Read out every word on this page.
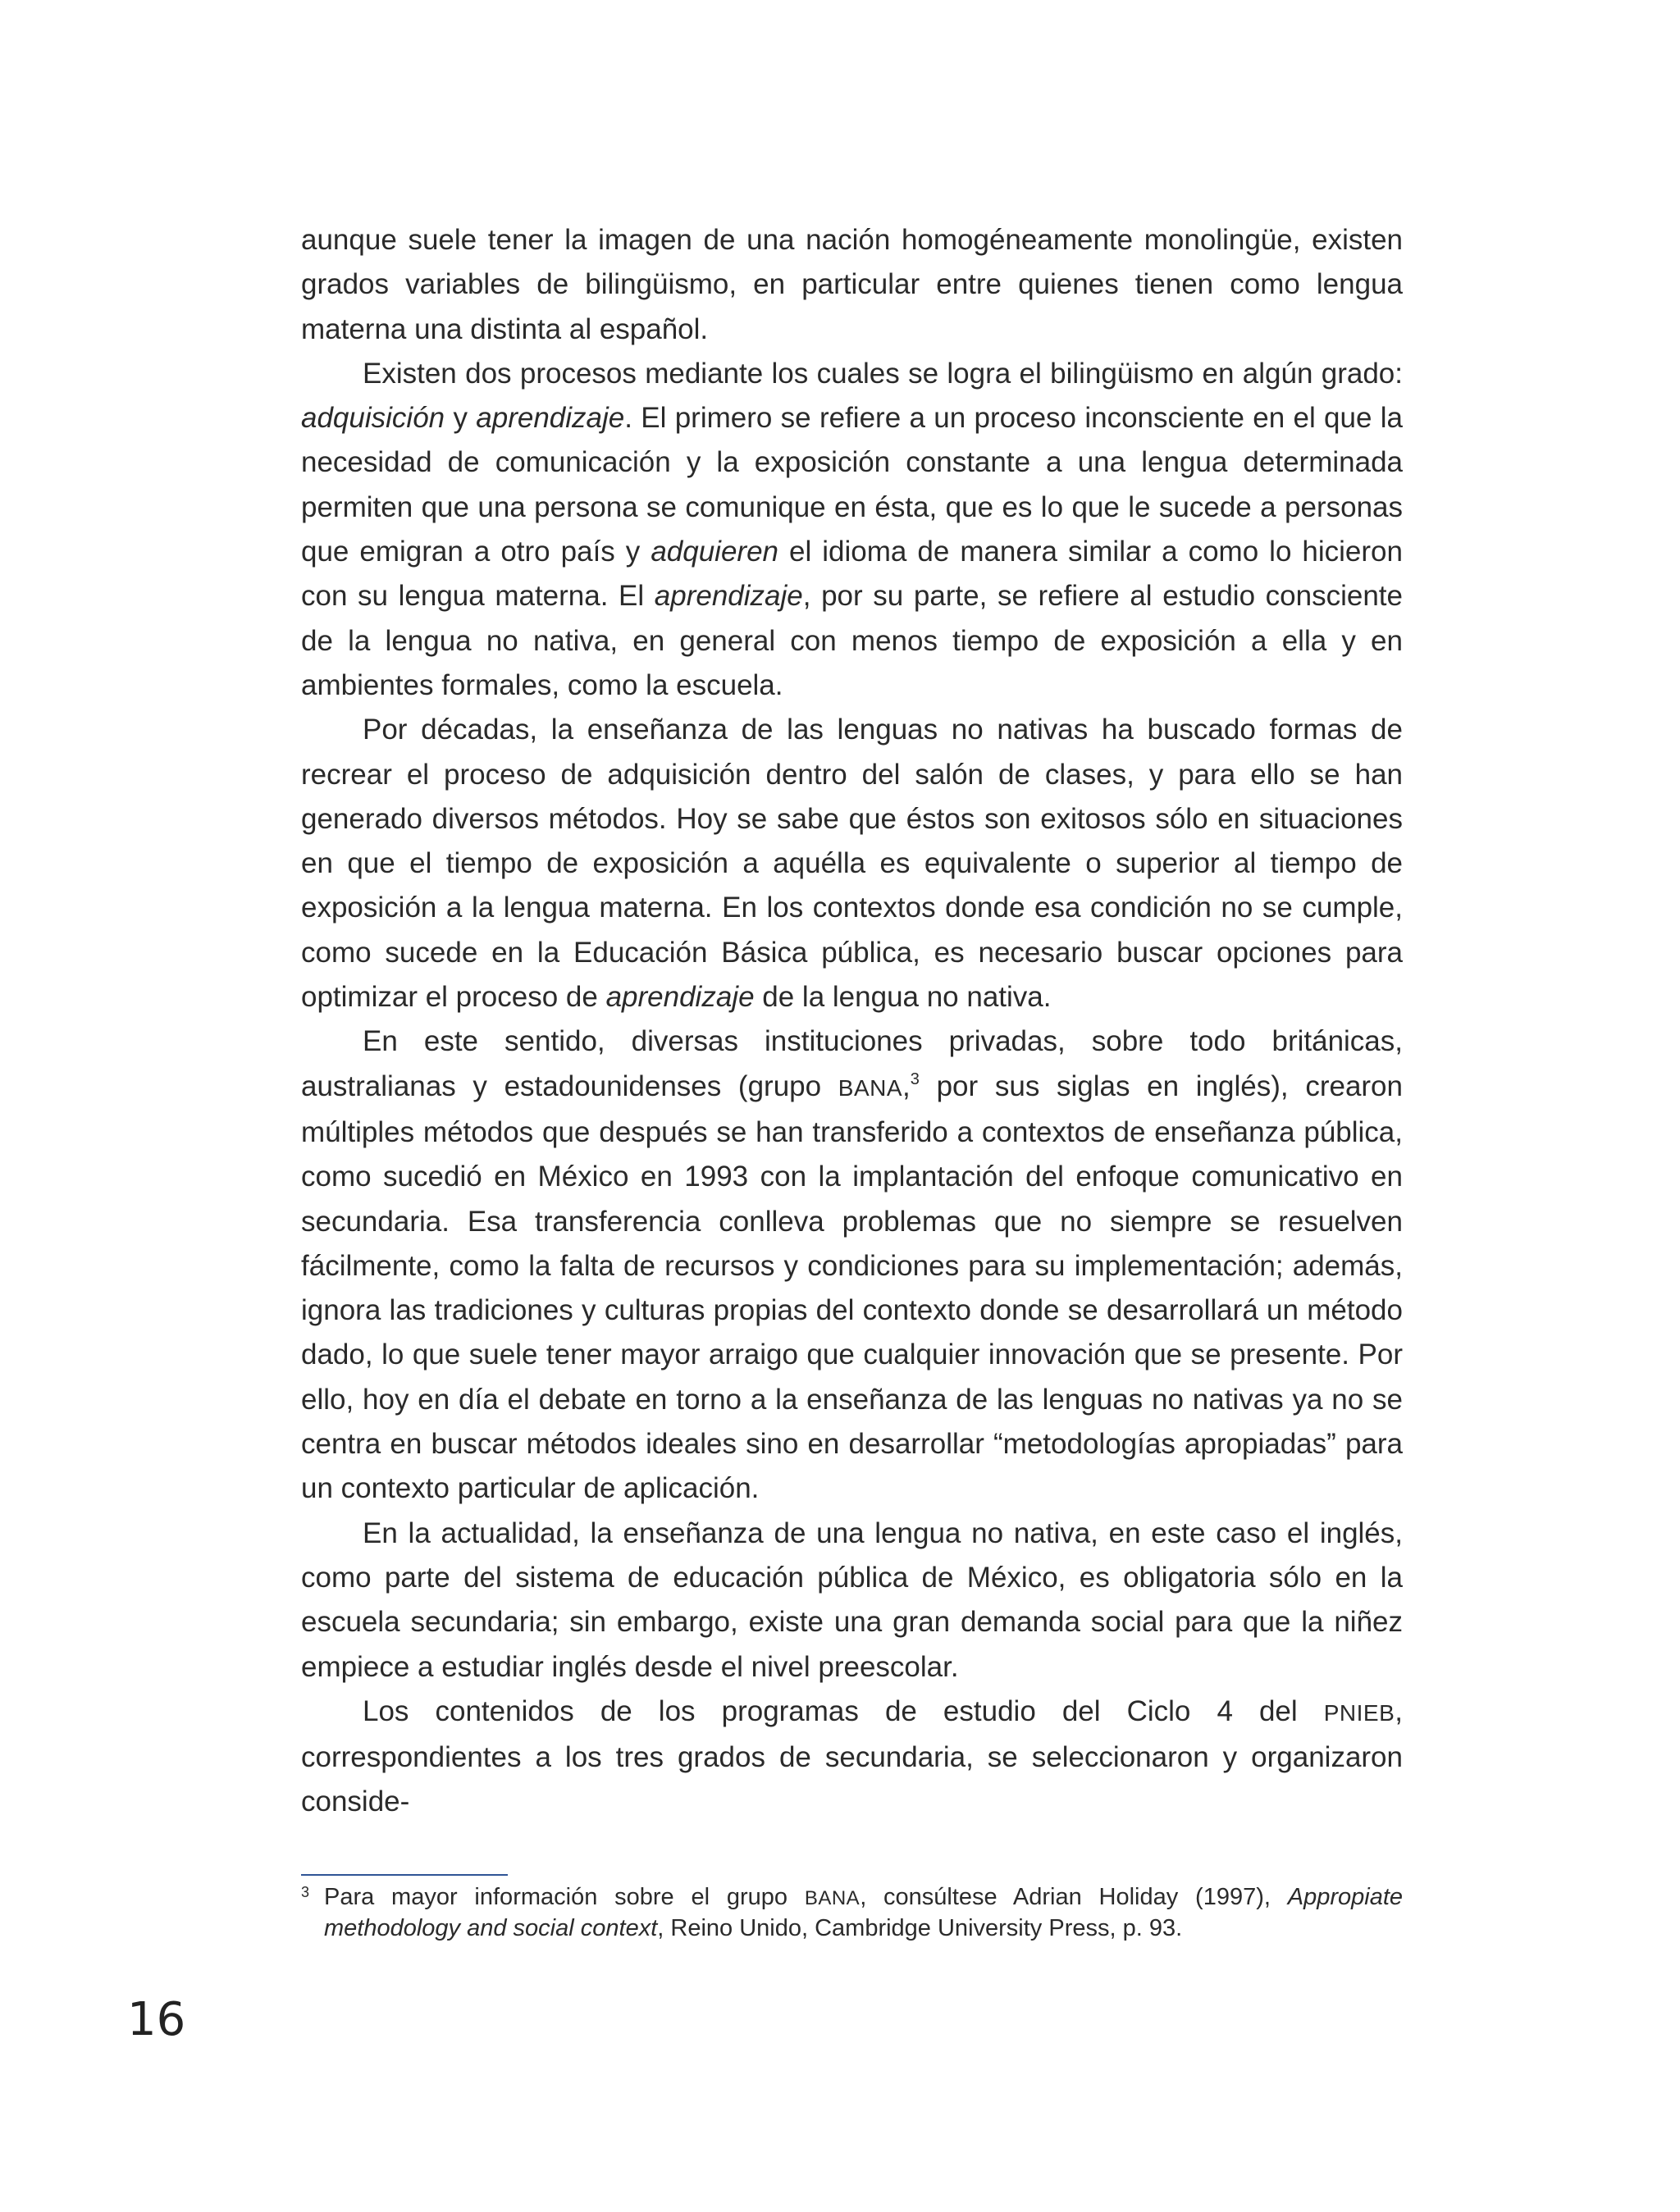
aunque suele tener la imagen de una nación homogéneamente monolingüe, existen grados variables de bilingüismo, en particular entre quienes tienen como lengua materna una distinta al español.

Existen dos procesos mediante los cuales se logra el bilingüismo en algún grado: adquisición y aprendizaje. El primero se refiere a un proceso inconsciente en el que la necesidad de comunicación y la exposición constante a una lengua determinada permiten que una persona se comunique en ésta, que es lo que le sucede a personas que emigran a otro país y adquieren el idioma de manera similar a como lo hicieron con su lengua materna. El aprendizaje, por su parte, se refiere al estudio consciente de la lengua no nativa, en general con menos tiempo de exposición a ella y en ambientes formales, como la escuela.

Por décadas, la enseñanza de las lenguas no nativas ha buscado formas de recrear el proceso de adquisición dentro del salón de clases, y para ello se han generado diversos métodos. Hoy se sabe que éstos son exitosos sólo en situaciones en que el tiempo de exposición a aquélla es equivalente o superior al tiempo de exposición a la lengua materna. En los contextos donde esa condición no se cumple, como sucede en la Educación Básica pública, es necesario buscar opciones para optimizar el proceso de aprendizaje de la lengua no nativa.

En este sentido, diversas instituciones privadas, sobre todo británicas, australianas y estadounidenses (grupo BANA,$^3$ por sus siglas en inglés), crearon múltiples métodos que después se han transferido a contextos de enseñanza pública, como sucedió en México en 1993 con la implantación del enfoque comunicativo en secundaria. Esa transferencia conlleva problemas que no siempre se resuelven fácilmente, como la falta de recursos y condiciones para su implementación; además, ignora las tradiciones y culturas propias del contexto donde se desarrollará un método dado, lo que suele tener mayor arraigo que cualquier innovación que se presente. Por ello, hoy en día el debate en torno a la enseñanza de las lenguas no nativas ya no se centra en buscar métodos ideales sino en desarrollar “metodologías apropiadas” para un contexto particular de aplicación.

En la actualidad, la enseñanza de una lengua no nativa, en este caso el inglés, como parte del sistema de educación pública de México, es obligatoria sólo en la escuela secundaria; sin embargo, existe una gran demanda social para que la niñez empiece a estudiar inglés desde el nivel preescolar.

Los contenidos de los programas de estudio del Ciclo 4 del PNIEB, correspondientes a los tres grados de secundaria, se seleccionaron y organizaron conside-

3 Para mayor información sobre el grupo BANA, consúltese Adrian Holiday (1997), Appropiate methodology and social context, Reino Unido, Cambridge University Press, p. 93.
16
